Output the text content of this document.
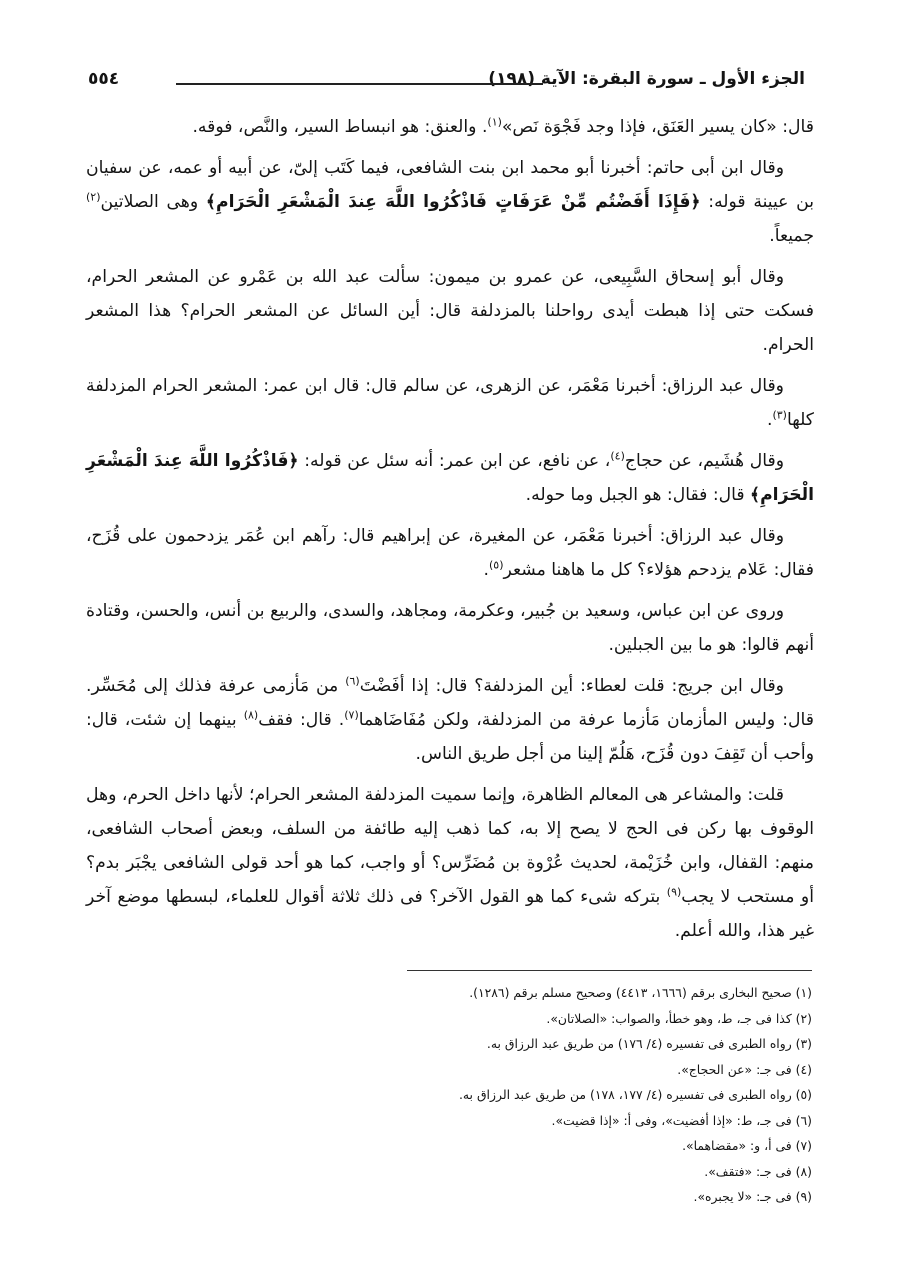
الجزء الأول ـ سورة البقرة: الآية (١٩٨)
٥٥٤

قال: «كان يسير العَنَق، فإذا وجد فَجْوَة نَص»$^{(١)}$. والعنق: هو انبساط السير، والنَّص، فوقه.

وقال ابن أبى حاتم: أخبرنا أبو محمد ابن بنت الشافعى، فيما كَتَب إلىّ، عن أبيه أو عمه، عن سفيان بن عيينة قوله: ﴿فَإِذَا أَفَضْتُم مِّنْ عَرَفَاتٍ فَاذْكُرُوا اللَّهَ عِندَ الْمَشْعَرِ الْحَرَامِ﴾ وهى الصلاتين$^{(٢)}$ جميعاً.

وقال أبو إسحاق السَّبِيعى، عن عمرو بن ميمون: سألت عبد الله بن عَمْرو عن المشعر الحرام، فسكت حتى إذا هبطت أيدى رواحلنا بالمزدلفة قال: أين السائل عن المشعر الحرام؟ هذا المشعر الحرام.

وقال عبد الرزاق: أخبرنا مَعْمَر، عن الزهرى، عن سالم قال: قال ابن عمر: المشعر الحرام المزدلفة كلها$^{(٣)}$.

وقال هُشَيم، عن حجاج$^{(٤)}$، عن نافع، عن ابن عمر: أنه سئل عن قوله: ﴿فَاذْكُرُوا اللَّهَ عِندَ الْمَشْعَرِ الْحَرَامِ﴾ قال: فقال: هو الجبل وما حوله.

وقال عبد الرزاق: أخبرنا مَعْمَر، عن المغيرة، عن إبراهيم قال: رآهم ابن عُمَر يزدحمون على قُزَح، فقال: عَلام يزدحم هؤلاء؟ كل ما هاهنا مشعر$^{(٥)}$.

وروى عن ابن عباس، وسعيد بن جُبير، وعكرمة، ومجاهد، والسدى، والربيع بن أنس، والحسن، وقتادة أنهم قالوا: هو ما بين الجبلين.

وقال ابن جريج: قلت لعطاء: أين المزدلفة؟ قال: إذا أفَضْتَ$^{(٦)}$ من مَأزمى عرفة فذلك إلى مُحَسِّر. قال: وليس المأزمان مَأزما عرفة من المزدلفة، ولكن مُفَاضَاهما$^{(٧)}$. قال: فقف$^{(٨)}$ بينهما إن شئت، قال: وأحب أن تَقِفَ دون قُزَح، هَلُمّ إلينا من أجل طريق الناس.

قلت: والمشاعر هى المعالم الظاهرة، وإنما سميت المزدلفة المشعر الحرام؛ لأنها داخل الحرم، وهل الوقوف بها ركن فى الحج لا يصح إلا به، كما ذهب إليه طائفة من السلف، وبعض أصحاب الشافعى، منهم: القفال، وابن خُزَيْمة، لحديث عُرْوة بن مُضَرِّس؟ أو واجب، كما هو أحد قولى الشافعى يجْبَر بدم؟ أو مستحب لا يجب$^{(٩)}$ بتركه شىء كما هو القول الآخر؟ فى ذلك ثلاثة أقوال للعلماء، لبسطها موضع آخر غير هذا، والله أعلم.

(١) صحيح البخارى برقم (١٦٦٦، ٤٤١٣) وصحيح مسلم برقم (١٢٨٦).

(٢) كذا فى جـ، ط، وهو خطأ، والصواب: «الصلاتان».

(٣) رواه الطبرى فى تفسيره (٤/ ١٧٦) من طريق عبد الرزاق به.

(٤) فى جـ: «عن الحجاج».

(٥) رواه الطبرى فى تفسيره (٤/ ١٧٧، ١٧٨) من طريق عبد الرزاق به.

(٦) فى جـ، ط: «إذا أفضيت»، وفى أ: «إذا قضيت».

(٧) فى أ، و: «مقضاهما».

(٨) فى جـ: «فتقف».

(٩) فى جـ: «لا يجبره».
